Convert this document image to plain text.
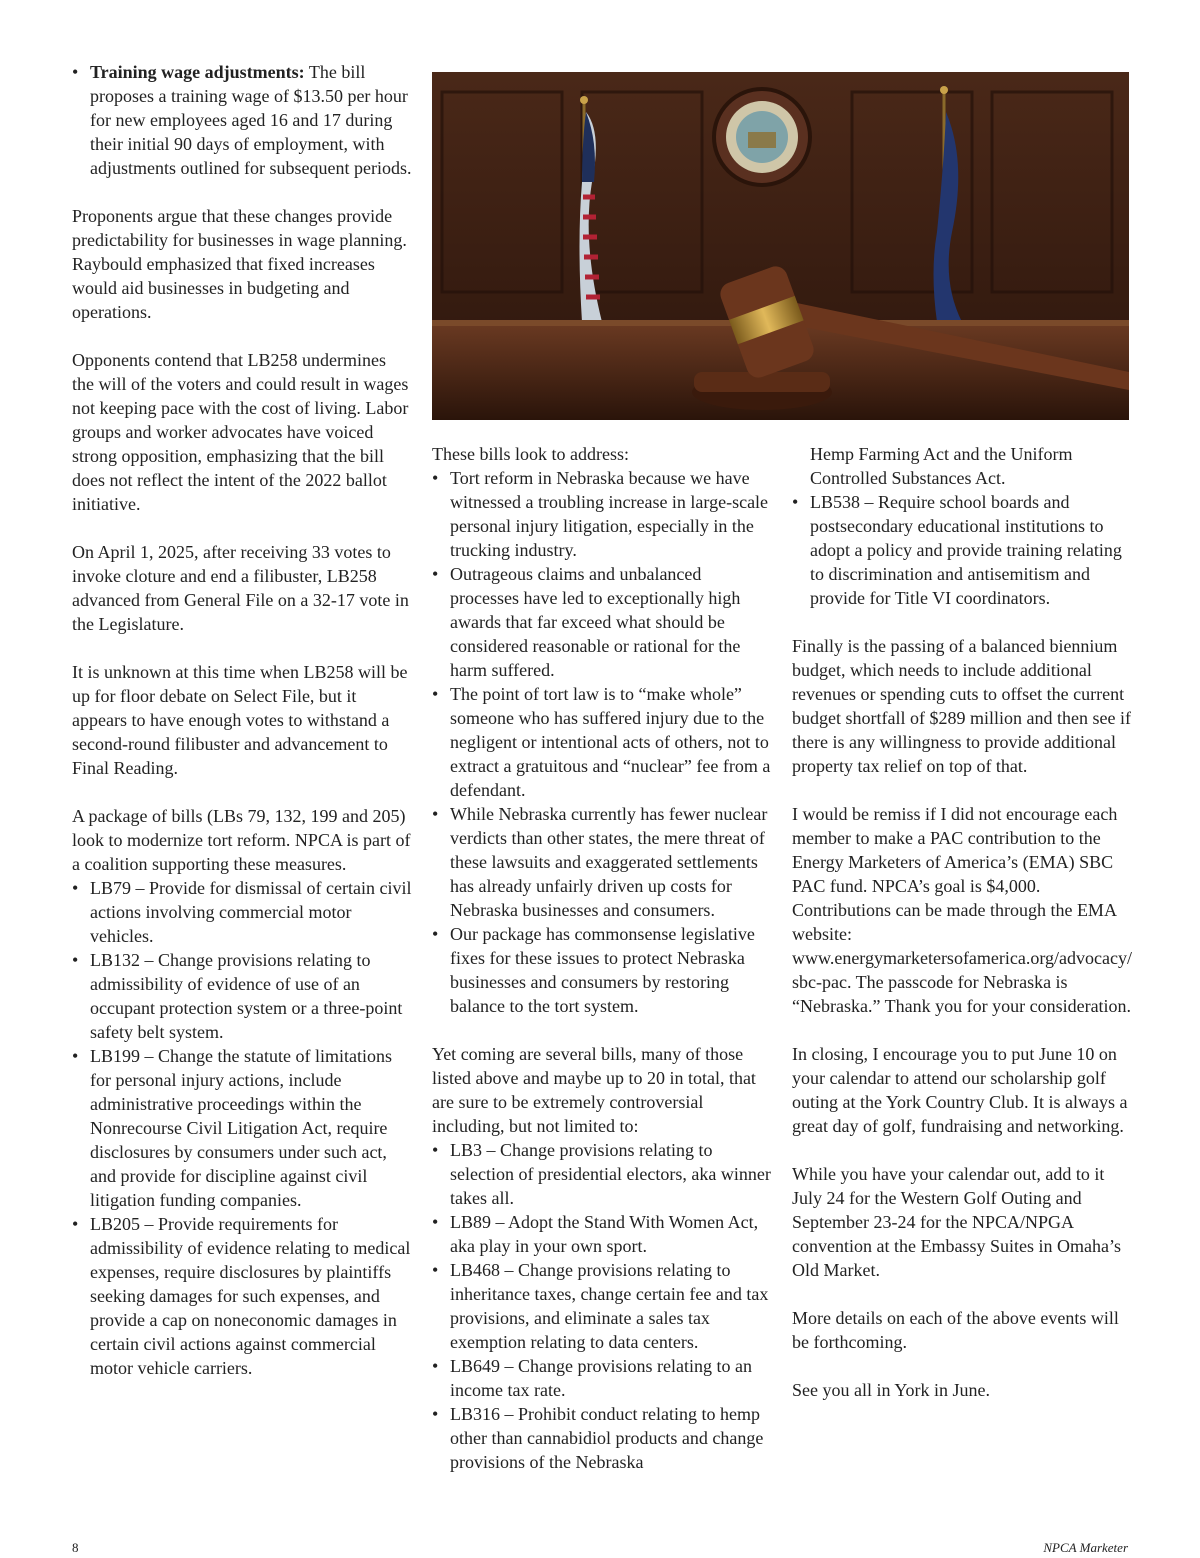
• Training wage adjustments: The bill proposes a training wage of $13.50 per hour for new employees aged 16 and 17 during their initial 90 days of employment, with adjustments outlined for subsequent periods.

Proponents argue that these changes provide predictability for businesses in wage planning. Raybould emphasized that fixed increases would aid businesses in budgeting and operations.

Opponents contend that LB258 undermines the will of the voters and could result in wages not keeping pace with the cost of living. Labor groups and worker advocates have voiced strong opposition, emphasizing that the bill does not reflect the intent of the 2022 ballot initiative.

On April 1, 2025, after receiving 33 votes to invoke cloture and end a filibuster, LB258 advanced from General File on a 32-17 vote in the Legislature.

It is unknown at this time when LB258 will be up for floor debate on Select File, but it appears to have enough votes to withstand a second-round filibuster and advancement to Final Reading.

A package of bills (LBs 79, 132, 199 and 205) look to modernize tort reform. NPCA is part of a coalition supporting these measures.

• LB79 – Provide for dismissal of certain civil actions involving commercial motor vehicles.
• LB132 – Change provisions relating to admissibility of evidence of use of an occupant protection system or a three-point safety belt system.
• LB199 – Change the statute of limitations for personal injury actions, include administrative proceedings within the Nonrecourse Civil Litigation Act, require disclosures by consumers under such act, and provide for discipline against civil litigation funding companies.
• LB205 – Provide requirements for admissibility of evidence relating to medical expenses, require disclosures by plaintiffs seeking damages for such expenses, and provide a cap on noneconomic damages in certain civil actions against commercial motor vehicle carriers.

These bills look to address:

• Tort reform in Nebraska because we have witnessed a troubling increase in large-scale personal injury litigation, especially in the trucking industry.
• Outrageous claims and unbalanced processes have led to exceptionally high awards that far exceed what should be considered reasonable or rational for the harm suffered.
• The point of tort law is to “make whole” someone who has suffered injury due to the negligent or intentional acts of others, not to extract a gratuitous and “nuclear” fee from a defendant.
• While Nebraska currently has fewer nuclear verdicts than other states, the mere threat of these lawsuits and exaggerated settlements has already unfairly driven up costs for Nebraska businesses and consumers.
• Our package has commonsense legislative fixes for these issues to protect Nebraska businesses and consumers by restoring balance to the tort system.

Yet coming are several bills, many of those listed above and maybe up to 20 in total, that are sure to be extremely controversial including, but not limited to:

• LB3 – Change provisions relating to selection of presidential electors, aka winner takes all.
• LB89 – Adopt the Stand With Women Act, aka play in your own sport.
• LB468 – Change provisions relating to inheritance taxes, change certain fee and tax provisions, and eliminate a sales tax exemption relating to data centers.
• LB649 – Change provisions relating to an income tax rate.
• LB316 – Prohibit conduct relating to hemp other than cannabidiol products and change provisions of the Nebraska
Hemp Farming Act and the Uniform Controlled Substances Act.
• LB538 – Require school boards and postsecondary educational institutions to adopt a policy and provide training relating to discrimination and antisemitism and provide for Title VI coordinators.

Finally is the passing of a balanced biennium budget, which needs to include additional revenues or spending cuts to offset the current budget shortfall of $289 million and then see if there is any willingness to provide additional property tax relief on top of that.

I would be remiss if I did not encourage each member to make a PAC contribution to the Energy Marketers of America’s (EMA) SBC PAC fund. NPCA’s goal is $4,000. Contributions can be made through the EMA website: www.energymarketersofamerica.org/advocacy/sbc-pac. The passcode for Nebraska is “Nebraska.” Thank you for your consideration.

In closing, I encourage you to put June 10 on your calendar to attend our scholarship golf outing at the York Country Club. It is always a great day of golf, fundraising and networking.

While you have your calendar out, add to it July 24 for the Western Golf Outing and September 23-24 for the NPCA/NPGA convention at the Embassy Suites in Omaha’s Old Market.

More details on each of the above events will be forthcoming.

See you all in York in June.

8	NPCA Marketer
